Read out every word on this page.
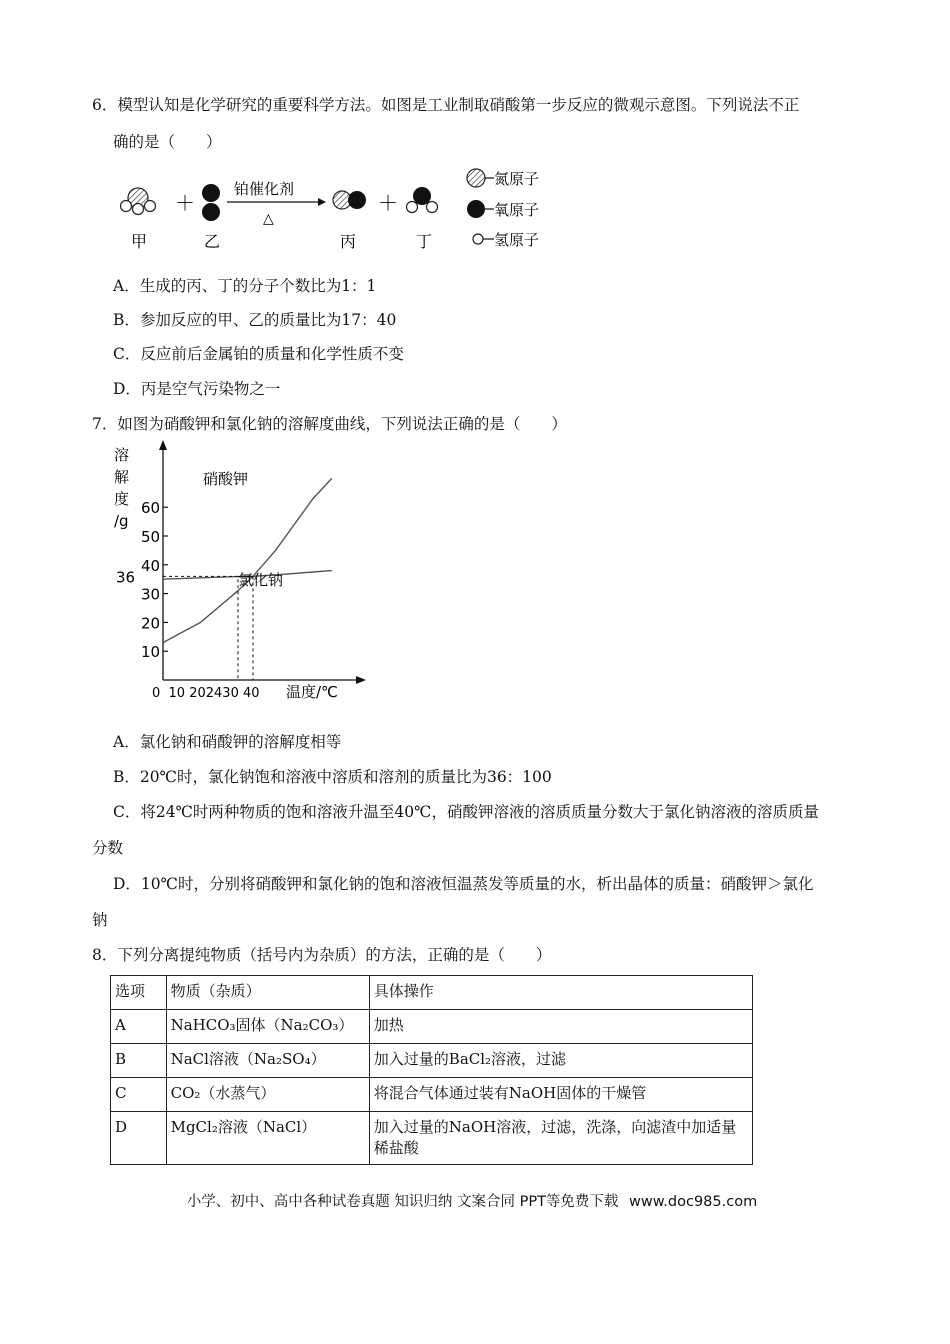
6．模型认知是化学研究的重要科学方法。如图是工业制取硝酸第一步反应的微观示意图。下列说法不正
确的是（　　）
＋
铂催化剂
△
＋
甲	乙	丙	丁
氮原子
氧原子
氢原子
A．生成的丙、丁的分子个数比为1：1
B．参加反应的甲、乙的质量比为17：40
C．反应前后金属铂的质量和化学性质不变
D．丙是空气污染物之一
7．如图为硝酸钾和氯化钠的溶解度曲线，下列说法正确的是（　　）
溶
解
度
/g
温度/℃
0  10 202430 40
10
20
30
36
40
50
60
硝酸钾
氯化钠
A．氯化钠和硝酸钾的溶解度相等
B．20℃时，氯化钠饱和溶液中溶质和溶剂的质量比为36：100
C．将24℃时两种物质的饱和溶液升温至40℃，硝酸钾溶液的溶质质量分数大于氯化钠溶液的溶质质量
分数
D．10℃时，分别将硝酸钾和氯化钠的饱和溶液恒温蒸发等质量的水，析出晶体的质量：硝酸钾＞氯化
钠
8．下列分离提纯物质（括号内为杂质）的方法，正确的是（　　）
选项	物质（杂质）	具体操作
A	NaHCO₃固体（Na₂CO₃）	加热
B	NaCl溶液（Na₂SO₄）	加入过量的BaCl₂溶液，过滤
C	CO₂（水蒸气）	将混合气体通过装有NaOH固体的干燥管
D	MgCl₂溶液（NaCl）	加入过量的NaOH溶液，过滤，洗涤，向滤渣中加适量稀盐酸
小学、初中、高中各种试卷真题 知识归纳 文案合同 PPT等免费下载 www.doc985.com
